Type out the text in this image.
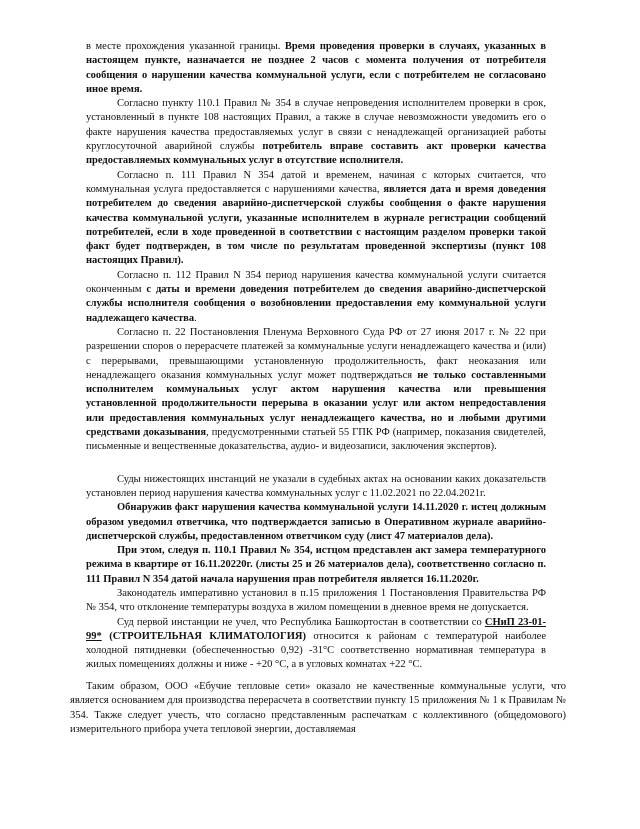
в месте прохождения указанной границы. Время проведения проверки в случаях, указанных в настоящем пункте, назначается не позднее 2 часов с момента получения от потребителя сообщения о нарушении качества коммунальной услуги, если с потребителем не согласовано иное время.

Согласно пункту 110.1 Правил № 354 в случае непроведения исполнителем проверки в срок, установленный в пункте 108 настоящих Правил, а также в случае невозможности уведомить его о факте нарушения качества предоставляемых услуг в связи с ненадлежащей организацией работы круглосуточной аварийной службы потребитель вправе составить акт проверки качества предоставляемых коммунальных услуг в отсутствие исполнителя.

Согласно п. 111 Правил N 354 датой и временем, начиная с которых считается, что коммунальная услуга предоставляется с нарушениями качества, является дата и время доведения потребителем до сведения аварийно-диспетчерской службы сообщения о факте нарушения качества коммунальной услуги, указанные исполнителем в журнале регистрации сообщений потребителей, если в ходе проведенной в соответствии с настоящим разделом проверки такой факт будет подтвержден, в том числе по результатам проведенной экспертизы (пункт 108 настоящих Правил).

Согласно п. 112 Правил N 354 период нарушения качества коммунальной услуги считается оконченным с даты и времени доведения потребителем до сведения аварийно-диспетчерской службы исполнителя сообщения о возобновлении предоставления ему коммунальной услуги надлежащего качества.

Согласно п. 22 Постановления Пленума Верховного Суда РФ от 27 июня 2017 г. № 22 при разрешении споров о перерасчете платежей за коммунальные услуги ненадлежащего качества и (или) с перерывами, превышающими установленную продолжительность, факт неоказания или ненадлежащего оказания коммунальных услуг может подтверждаться не только составленными исполнителем коммунальных услуг актом нарушения качества или превышения установленной продолжительности перерыва в оказании услуг или актом непредоставления или предоставления коммунальных услуг ненадлежащего качества, но и любыми другими средствами доказывания, предусмотренными статьей 55 ГПК РФ (например, показания свидетелей, письменные и вещественные доказательства, аудио- и видеозаписи, заключения экспертов).

Суды нижестоящих инстанций не указали в судебных актах на основании каких доказательств установлен период нарушения качества коммунальных услуг с 11.02.2021 по 22.04.2021г.

Обнаружив факт нарушения качества коммунальной услуги 14.11.2020 г. истец должным образом уведомил ответчика, что подтверждается записью в Оперативном журнале аварийно-диспетчерской службы, предоставленном ответчиком суду (лист 47 материалов дела).

При этом, следуя п. 110.1 Правил № 354, истцом представлен акт замера температурного режима в квартире от 16.11.20220г. (листы 25 и 26 материалов дела), соответственно согласно п. 111 Правил N 354 датой начала нарушения прав потребителя является 16.11.2020г.

Законодатель императивно установил в п.15 приложения 1 Постановления Правительства РФ № 354, что отклонение температуры воздуха в жилом помещении в дневное время не допускается.

Суд первой инстанции не учел, что Республика Башкортостан в соответствии со СНиП 23-01-99* (СТРОИТЕЛЬНАЯ КЛИМАТОЛОГИЯ) относится к районам с температурой наиболее холодной пятидневки (обеспеченностью 0,92) -31°С соответственно нормативная температура в жилых помещениях должны и ниже - +20 °С, а в угловых комнатах +22 °С.

Таким образом, ООО «Ебучие тепловые сети» оказало не качественные коммунальные услуги, что является основанием для производства перерасчета в соответствии пункту 15 приложения № 1 к Правилам № 354. Также следует учесть, что согласно представленным распечаткам с коллективного (общедомового) измерительного прибора учета тепловой энергии, доставляемая
